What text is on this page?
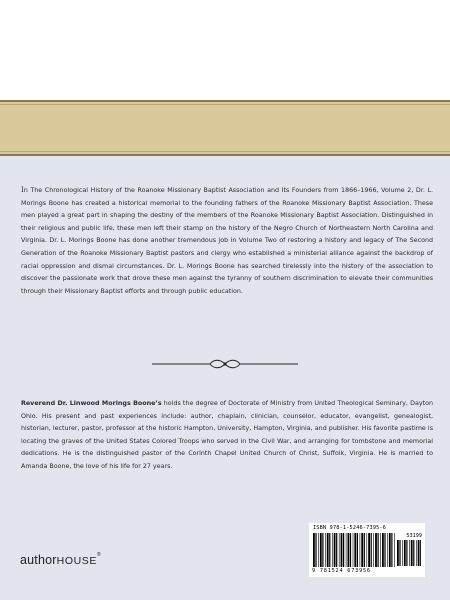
In The Chronological History of the Roanoke Missionary Baptist Association and Its Founders from 1866–1966, Volume 2, Dr. L. Morings Boone has created a historical memorial to the founding fathers of the Roanoke Missionary Baptist Association. These men played a great part in shaping the destiny of the members of the Roanoke Missionary Baptist Association. Distinguished in their religious and public life, these men left their stamp on the history of the Negro Church of Northeastern North Carolina and Virginia. Dr. L. Morings Boone has done another tremendous job in Volume Two of restoring a history and legacy of The Second Generation of the Roanoke Missionary Baptist pastors and clergy who established a ministerial alliance against the backdrop of racial oppression and dismal circumstances. Dr. L. Morings Boone has searched tirelessly into the history of the association to discover the passionate work that drove these men against the tyranny of southern discrimination to elevate their communities through their Missionary Baptist efforts and through public education.
Reverend Dr. Linwood Morings Boone’s holds the degree of Doctorate of Ministry from United Theological Seminary, Dayton Ohio. His present and past experiences include: author, chaplain, clinician, counselor, educator, evangelist, genealogist, historian, lecturer, pastor, professor at the historic Hampton, University, Hampton, Virginia, and publisher. His favorite pastime is locating the graves of the United States Colored Troops who served in the Civil War, and arranging for tombstone and memorial dedications. He is the distinguished pastor of the Corinth Chapel United Church of Christ, Suffolk, Virginia. He is married to Amanda Boone, the love of his life for 27 years.
authorHOUSE®
ISBN 978-1-5246-7395-6
53199
9 781524 673956
